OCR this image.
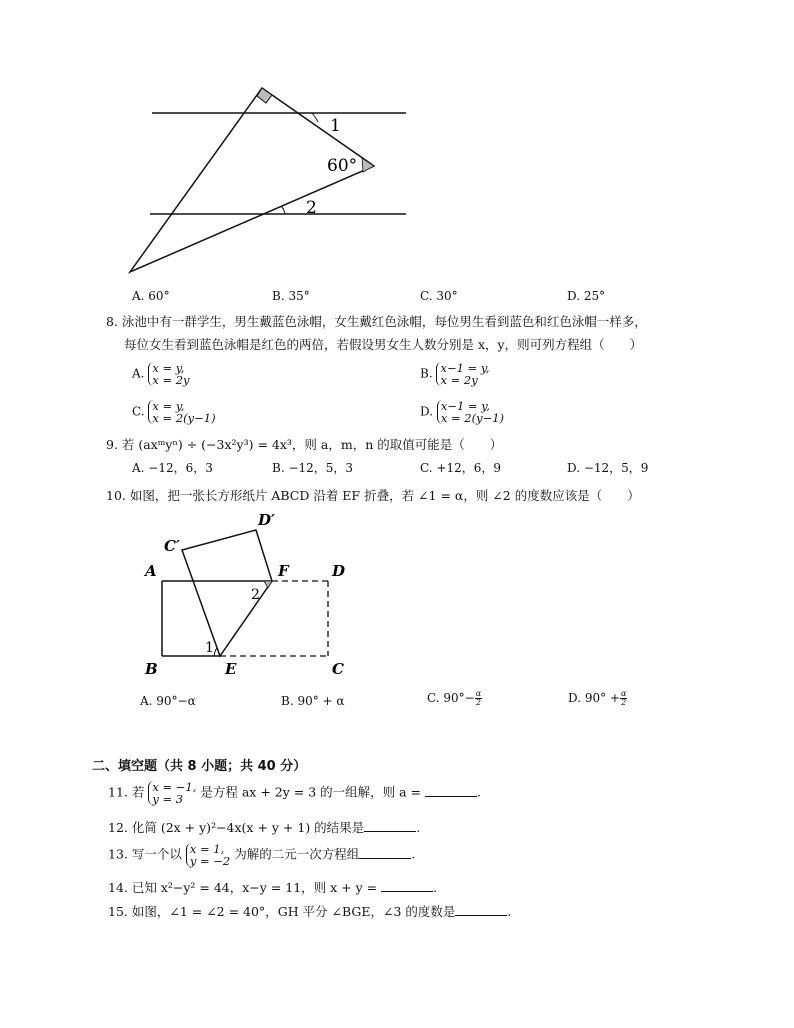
1
60°
2
A. 60°	B. 35°	C. 30°	D. 25°
8. 泳池中有一群学生，男生戴蓝色泳帽，女生戴红色泳帽，每位男生看到蓝色和红色泳帽一样多，
每位女生看到蓝色泳帽是红色的两倍，若假设男女生人数分别是 x，y，则可列方程组（　　）
A. x = y,
x = 2y	B. x−1 = y,
x = 2y
C. x = y,
x = 2(y−1)	D. x−1 = y,
x = 2(y−1)
9. 若 (axᵐyⁿ) ÷ (−3x²y³) = 4x³，则 a，m，n 的取值可能是（　　）
A. −12，6，3	B. −12，5，3	C. +12，6，9	D. −12，5，9
10. 如图，把一张长方形纸片 ABCD 沿着 EF 折叠，若 ∠1 = α，则 ∠2 的度数应该是（　　）
C′
D′
A	F	D
2
1
B	E	C
A. 90°−α	B. 90° + α	C. $90^\circ- \frac{\alpha}{2}$	D. $90^\circ + \frac{\alpha}{2}$
二、填空题（共 8 小题；共 40 分）
11. 若 x = −1,
y = 3 是方程 ax + 2y = 3 的一组解，则 a =	.
12. 化简 (2x + y)²−4x(x + y + 1) 的结果是	.
13. 写一个以 x = 1,
y = −2 为解的二元一次方程组	.
14. 已知 x²−y² = 44，x−y = 11，则 x + y =	.
15. 如图，∠1 = ∠2 = 40°，GH 平分 ∠BGE，∠3 的度数是	.
